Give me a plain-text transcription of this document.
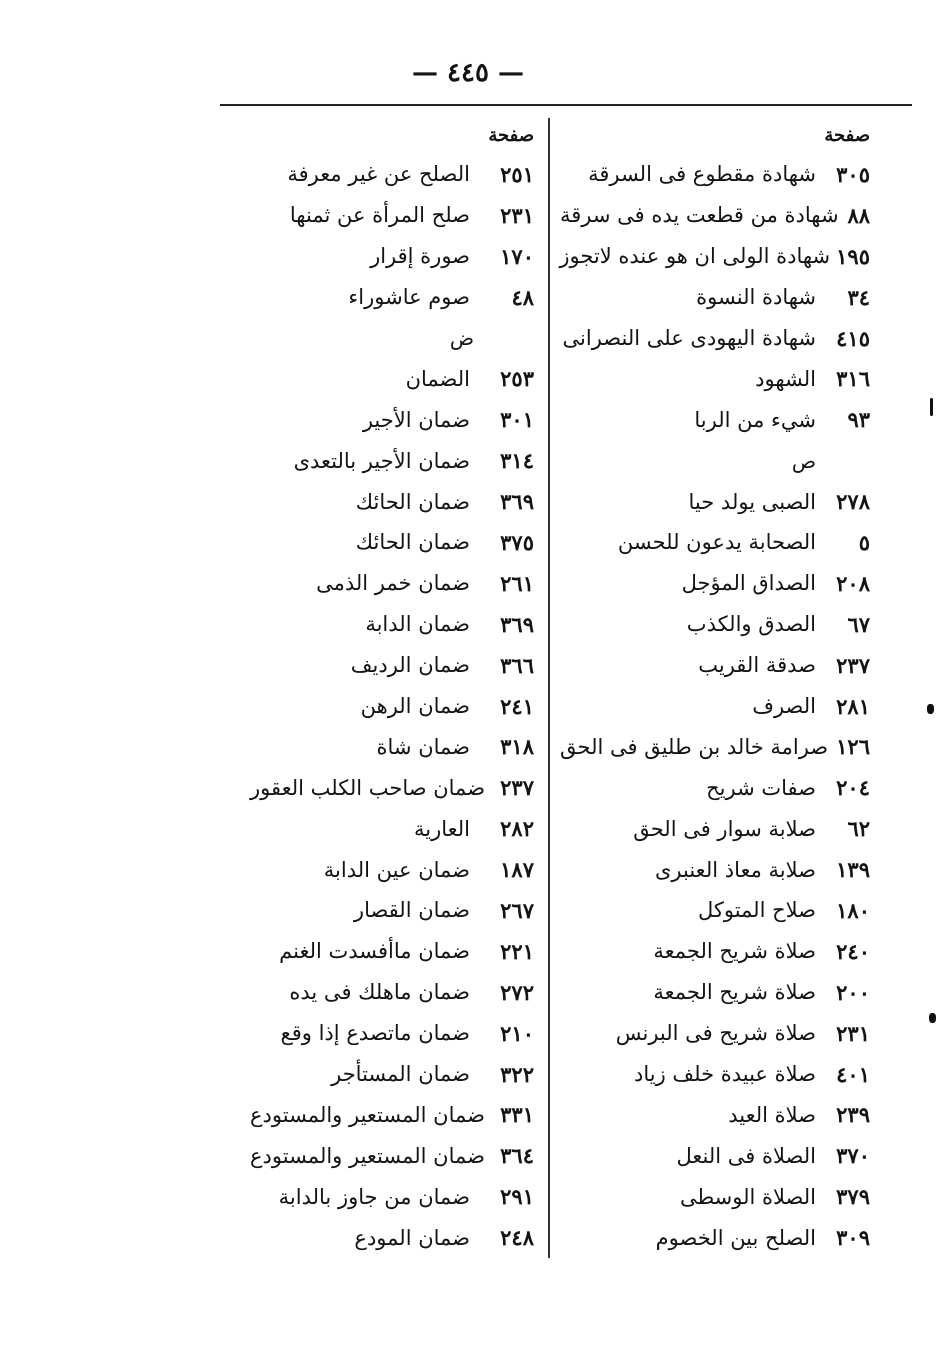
— ٤٤٥ —
صفحة
٣٠٥
شهادة مقطوع فى السرقة
٨٨
شهادة من قطعت يده فى سرقة
١٩٥
شهادة الولى ان هو عنده لاتجوز
٣٤
شهادة النسوة
٤١٥
شهادة اليهودى على النصرانى
٣١٦
الشهود
٩٣
شيء من الربا
ص
٢٧٨
الصبى يولد حيا
٥
الصحابة يدعون للحسن
٢٠٨
الصداق المؤجل
٦٧
الصدق والكذب
٢٣٧
صدقة القريب
٢٨١
الصرف
١٢٦
صرامة خالد بن طليق فى الحق
٢٠٤
صفات شريح
٦٢
صلابة سوار فى الحق
١٣٩
صلابة معاذ العنبرى
١٨٠
صلاح المتوكل
٢٤٠
صلاة شريح الجمعة
٢٠٠
صلاة شريح الجمعة
٢٣١
صلاة شريح فى البرنس
٤٠١
صلاة عبيدة خلف زياد
٢٣٩
صلاة العيد
٣٧٠
الصلاة فى النعل
٣٧٩
الصلاة الوسطى
٣٠٩
الصلح بين الخصوم
صفحة
٢٥١
الصلح عن غير معرفة
٢٣١
صلح المرأة عن ثمنها
١٧٠
صورة إقرار
٤٨
صوم عاشوراء
ض
٢٥٣
الضمان
٣٠١
ضمان الأجير
٣١٤
ضمان الأجير بالتعدى
٣٦٩
ضمان الحائك
٣٧٥
ضمان الحائك
٢٦١
ضمان خمر الذمى
٣٦٩
ضمان الدابة
٣٦٦
ضمان الرديف
٢٤١
ضمان الرهن
٣١٨
ضمان شاة
٢٣٧
ضمان صاحب الكلب العقور
٢٨٢
العارية
١٨٧
ضمان عين الدابة
٢٦٧
ضمان القصار
٢٢١
ضمان ماأفسدت الغنم
٢٧٢
ضمان ماهلك فى يده
٢١٠
ضمان ماتصدع إذا وقع
٣٢٢
ضمان المستأجر
٣٣١
ضمان المستعير والمستودع
٣٦٤
ضمان المستعير والمستودع
٢٩١
ضمان من جاوز بالدابة
٢٤٨
ضمان المودع
